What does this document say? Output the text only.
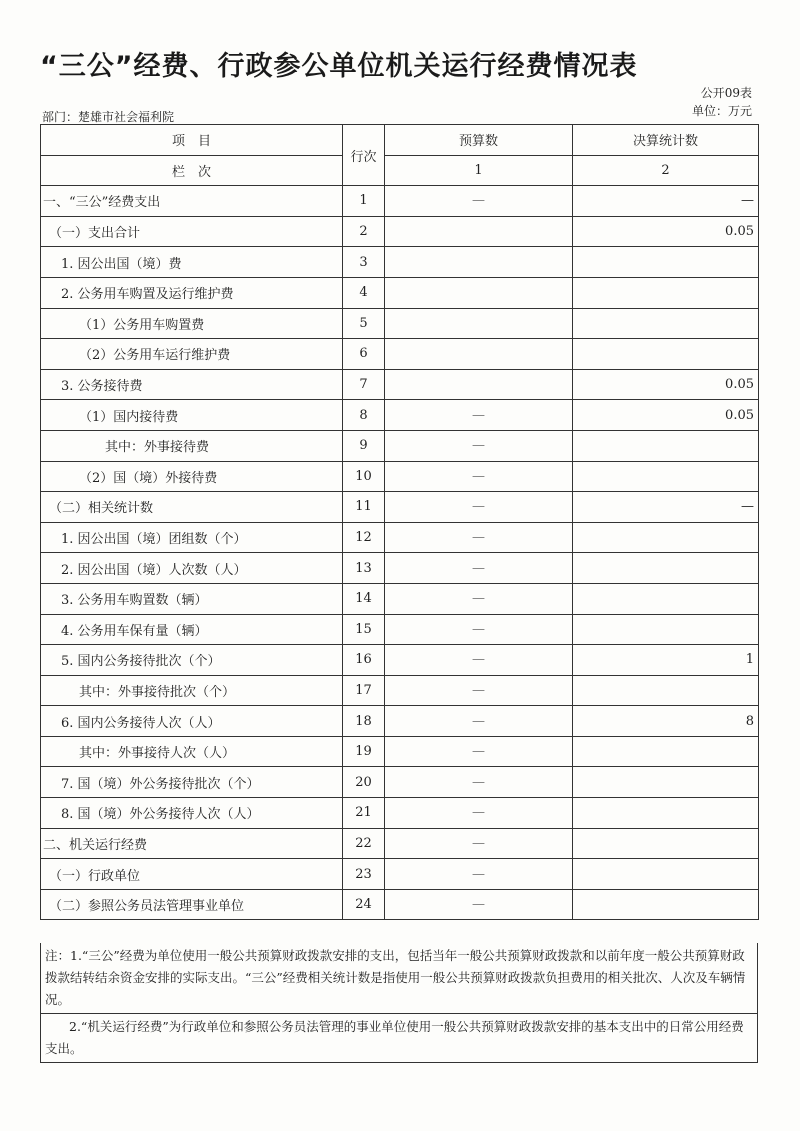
“三公”经费、行政参公单位机关运行经费情况表
公开09表
单位：万元
部门：楚雄市社会福利院
项　目	行次	预算数	决算统计数
栏　次		1	2
一、“三公”经费支出	1	—	—
（一）支出合计	2		0.05
1. 因公出国（境）费	3		
2. 公务用车购置及运行维护费	4		
（1）公务用车购置费	5		
（2）公务用车运行维护费	6		
3. 公务接待费	7		0.05
（1）国内接待费	8	—	0.05
其中：外事接待费	9	—	
（2）国（境）外接待费	10	—	
（二）相关统计数	11	—	—
1. 因公出国（境）团组数（个）	12	—	
2. 因公出国（境）人次数（人）	13	—	
3. 公务用车购置数（辆）	14	—	
4. 公务用车保有量（辆）	15	—	
5. 国内公务接待批次（个）	16	—	1
其中：外事接待批次（个）	17	—	
6. 国内公务接待人次（人）	18	—	8
其中：外事接待人次（人）	19	—	
7. 国（境）外公务接待批次（个）	20	—	
8. 国（境）外公务接待人次（人）	21	—	
二、机关运行经费	22	—	
（一）行政单位	23	—	
（二）参照公务员法管理事业单位	24	—	
注：1.“三公”经费为单位使用一般公共预算财政拨款安排的支出，包括当年一般公共预算财政拨款和以前年度一般公共预算财政拨款结转结余资金安排的实际支出。“三公”经费相关统计数是指使用一般公共预算财政拨款负担费用的相关批次、人次及车辆情况。
2.“机关运行经费”为行政单位和参照公务员法管理的事业单位使用一般公共预算财政拨款安排的基本支出中的日常公用经费支出。
